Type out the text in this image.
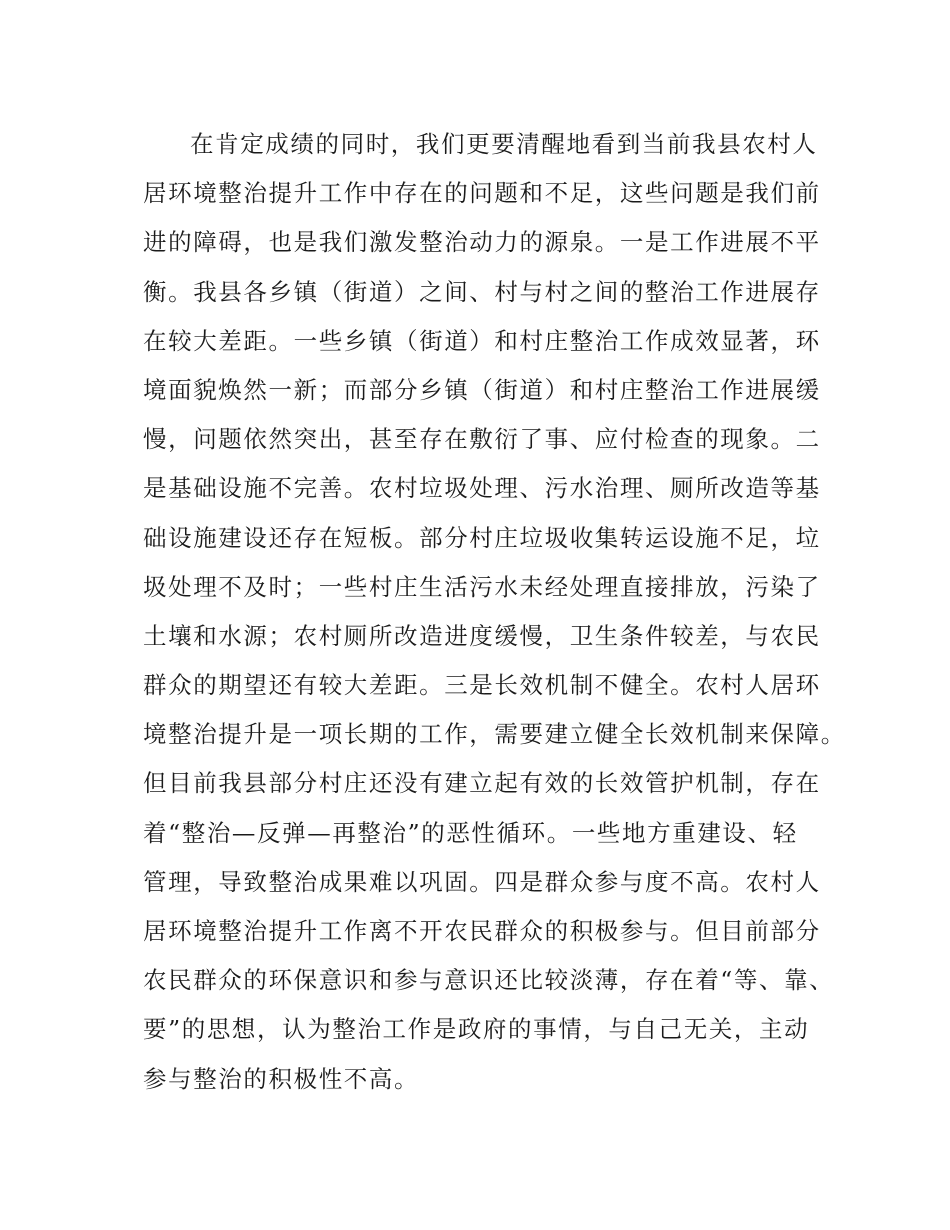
在肯定成绩的同时，我们更要清醒地看到当前我县农村人
居环境整治提升工作中存在的问题和不足，这些问题是我们前
进的障碍，也是我们激发整治动力的源泉。一是工作进展不平
衡。我县各乡镇（街道）之间、村与村之间的整治工作进展存
在较大差距。一些乡镇（街道）和村庄整治工作成效显著，环
境面貌焕然一新；而部分乡镇（街道）和村庄整治工作进展缓
慢，问题依然突出，甚至存在敷衍了事、应付检查的现象。二
是基础设施不完善。农村垃圾处理、污水治理、厕所改造等基
础设施建设还存在短板。部分村庄垃圾收集转运设施不足，垃
圾处理不及时；一些村庄生活污水未经处理直接排放，污染了
土壤和水源；农村厕所改造进度缓慢，卫生条件较差，与农民
群众的期望还有较大差距。三是长效机制不健全。农村人居环
境整治提升是一项长期的工作，需要建立健全长效机制来保障。
但目前我县部分村庄还没有建立起有效的长效管护机制，存在
着“整治—反弹—再整治”的恶性循环。一些地方重建设、轻
管理，导致整治成果难以巩固。四是群众参与度不高。农村人
居环境整治提升工作离不开农民群众的积极参与。但目前部分
农民群众的环保意识和参与意识还比较淡薄，存在着“等、靠、
要”的思想，认为整治工作是政府的事情，与自己无关，主动
参与整治的积极性不高。
